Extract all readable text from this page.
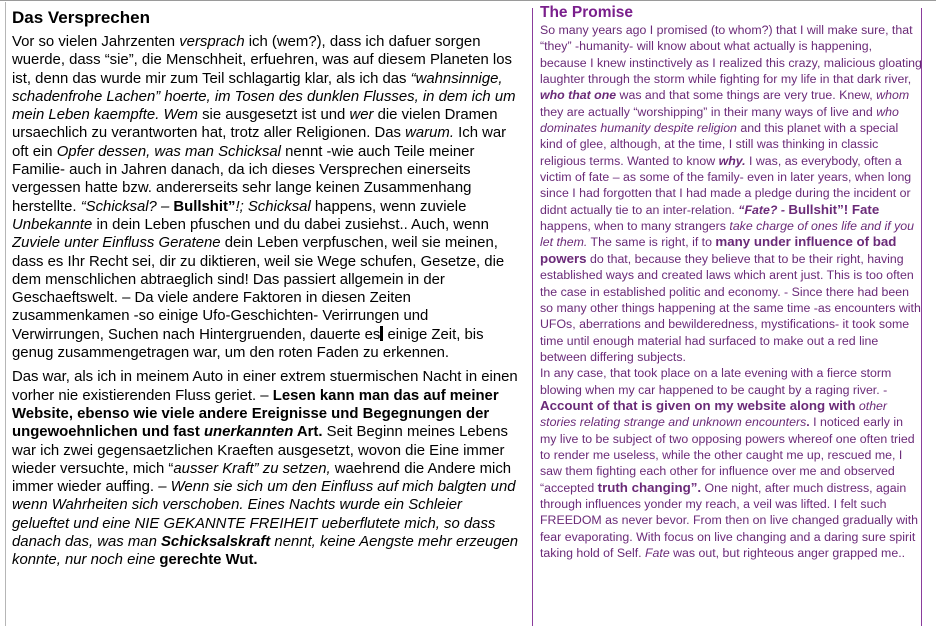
Das Versprechen

Vor so vielen Jahrzenten versprach ich (wem?), dass ich dafuer sorgen wuerde, dass “sie”, die Menschheit, erfuehren, was auf diesem Planeten los ist, denn das wurde mir zum Teil schlagartig klar, als ich das “wahnsinnige, schadenfrohe Lachen” hoerte, im Tosen des dunklen Flusses, in dem ich um mein Leben kaempfte. Wem sie ausgesetzt ist und wer die vielen Dramen ursaechlich zu verantworten hat, trotz aller Religionen. Das warum. Ich war oft ein Opfer dessen, was man Schicksal nennt -wie auch Teile meiner Familie- auch in Jahren danach, da ich dieses Versprechen einerseits vergessen hatte bzw. andererseits sehr lange keinen Zusammenhang herstellte. “Schicksal? – Bullshit”!; Schicksal happens, wenn zuviele Unbekannte in dein Leben pfuschen und du dabei zusiehst.. Auch, wenn Zuviele unter Einfluss Geratene dein Leben verpfuschen, weil sie meinen, dass es Ihr Recht sei, dir zu diktieren, weil sie Wege schufen, Gesetze, die dem menschlichen abtraeglich sind! Das passiert allgemein in der Geschaeftswelt. – Da viele andere Faktoren in diesen Zeiten zusammenkamen -so einige Ufo-Geschichten- Verirrungen und Verwirrungen, Suchen nach Hintergruenden, dauerte es einige Zeit, bis genug zusammengetragen war, um den roten Faden zu erkennen.

Das war, als ich in meinem Auto in einer extrem stuermischen Nacht in einen vorher nie existierenden Fluss geriet. – Lesen kann man das auf meiner Website, ebenso wie viele andere Ereignisse und Begegnungen der ungewoehnlichen und fast unerkannten Art. Seit Beginn meines Lebens war ich zwei gegensaetzlichen Kraeften ausgesetzt, wovon die Eine immer wieder versuchte, mich “ausser Kraft” zu setzen, waehrend die Andere mich immer wieder auffing. – Wenn sie sich um den Einfluss auf mich balgten und wenn Wahrheiten sich verschoben. Eines Nachts wurde ein Schleier gelueftet und eine NIE GEKANNTE FREIHEIT ueberflutete mich, so dass danach das, was man Schicksalskraft nennt, keine Aengste mehr erzeugen konnte, nur noch eine gerechte Wut.

The Promise

So many years ago I promised (to whom?) that I will make sure, that “they” -humanity- will know about what actually is happening, because I knew instinctively as I realized this crazy, malicious gloating laughter through the storm while fighting for my life in that dark river, who that one was and that some things are very true. Knew, whom they are actually “worshipping” in their many ways of live and who dominates humanity despite religion and this planet with a special kind of glee, although, at the time, I still was thinking in classic religious terms. Wanted to know why. I was, as everybody, often a victim of fate – as some of the family- even in later years, when long since I had forgotten that I had made a pledge during the incident or didnt actually tie to an inter-relation. “Fate? - Bullshit”! Fate happens, when to many strangers take charge of ones life and if you let them. The same is right, if to many under influence of bad powers do that, because they believe that to be their right, having established ways and created laws which arent just. This is too often the case in established politic and economy. - Since there had been so many other things happening at the same time -as encounters with UFOs, aberrations and bewilderedness, mystifications- it took some time until enough material had surfaced to make out a red line between differing subjects.

In any case, that took place on a late evening with a fierce storm blowing when my car happened to be caught by a raging river. - Account of that is given on my website along with other stories relating strange and unknown encounters. I noticed early in my live to be subject of two opposing powers whereof one often tried to render me useless, while the other caught me up, rescued me, I saw them fighting each other for influence over me and observed “accepted truth changing”. One night, after much distress, again through influences yonder my reach, a veil was lifted. I felt such FREEDOM as never bevor. From then on live changed gradually with fear evaporating. With focus on live changing and a daring sure spirit taking hold of Self. Fate was out, but righteous anger grapped me..
